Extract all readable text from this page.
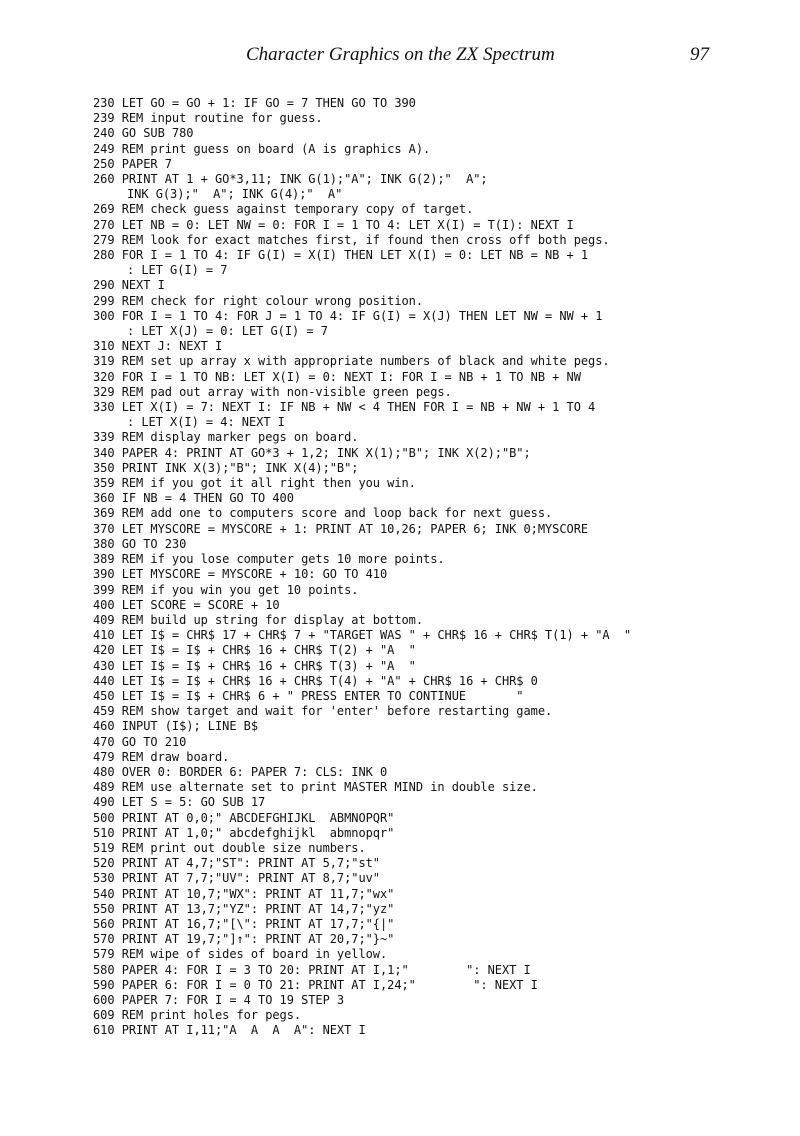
Character Graphics on the ZX Spectrum	97
230 LET GO = GO + 1: IF GO = 7 THEN GO TO 390
239 REM input routine for guess.
240 GO SUB 780
249 REM print guess on board (A is graphics A).
250 PAPER 7
260 PRINT AT 1 + GO*3,11; INK G(1);"A"; INK G(2);"  A";
INK G(3);"  A"; INK G(4);"  A"
269 REM check guess against temporary copy of target.
270 LET NB = 0: LET NW = 0: FOR I = 1 TO 4: LET X(I) = T(I): NEXT I
279 REM look for exact matches first, if found then cross off both pegs.
280 FOR I = 1 TO 4: IF G(I) = X(I) THEN LET X(I) = 0: LET NB = NB + 1
: LET G(I) = 7
290 NEXT I
299 REM check for right colour wrong position.
300 FOR I = 1 TO 4: FOR J = 1 TO 4: IF G(I) = X(J) THEN LET NW = NW + 1
: LET X(J) = 0: LET G(I) = 7
310 NEXT J: NEXT I
319 REM set up array x with appropriate numbers of black and white pegs.
320 FOR I = 1 TO NB: LET X(I) = 0: NEXT I: FOR I = NB + 1 TO NB + NW
329 REM pad out array with non-visible green pegs.
330 LET X(I) = 7: NEXT I: IF NB + NW < 4 THEN FOR I = NB + NW + 1 TO 4
: LET X(I) = 4: NEXT I
339 REM display marker pegs on board.
340 PAPER 4: PRINT AT GO*3 + 1,2; INK X(1);"B"; INK X(2);"B";
350 PRINT INK X(3);"B"; INK X(4);"B";
359 REM if you got it all right then you win.
360 IF NB = 4 THEN GO TO 400
369 REM add one to computers score and loop back for next guess.
370 LET MYSCORE = MYSCORE + 1: PRINT AT 10,26; PAPER 6; INK 0;MYSCORE
380 GO TO 230
389 REM if you lose computer gets 10 more points.
390 LET MYSCORE = MYSCORE + 10: GO TO 410
399 REM if you win you get 10 points.
400 LET SCORE = SCORE + 10
409 REM build up string for display at bottom.
410 LET I$ = CHR$ 17 + CHR$ 7 + "TARGET WAS " + CHR$ 16 + CHR$ T(1) + "A  "
420 LET I$ = I$ + CHR$ 16 + CHR$ T(2) + "A  "
430 LET I$ = I$ + CHR$ 16 + CHR$ T(3) + "A  "
440 LET I$ = I$ + CHR$ 16 + CHR$ T(4) + "A" + CHR$ 16 + CHR$ 0
450 LET I$ = I$ + CHR$ 6 + " PRESS ENTER TO CONTINUE       "
459 REM show target and wait for 'enter' before restarting game.
460 INPUT (I$); LINE B$
470 GO TO 210
479 REM draw board.
480 OVER 0: BORDER 6: PAPER 7: CLS: INK 0
489 REM use alternate set to print MASTER MIND in double size.
490 LET S = 5: GO SUB 17
500 PRINT AT 0,0;" ABCDEFGHIJKL  ABMNOPQR"
510 PRINT AT 1,0;" abcdefghijkl  abmnopqr"
519 REM print out double size numbers.
520 PRINT AT 4,7;"ST": PRINT AT 5,7;"st"
530 PRINT AT 7,7;"UV": PRINT AT 8,7;"uv"
540 PRINT AT 10,7;"WX": PRINT AT 11,7;"wx"
550 PRINT AT 13,7;"YZ": PRINT AT 14,7;"yz"
560 PRINT AT 16,7;"[\": PRINT AT 17,7;"{|"
570 PRINT AT 19,7;"]↑": PRINT AT 20,7;"}~"
579 REM wipe of sides of board in yellow.
580 PAPER 4: FOR I = 3 TO 20: PRINT AT I,1;"        ": NEXT I
590 PAPER 6: FOR I = 0 TO 21: PRINT AT I,24;"        ": NEXT I
600 PAPER 7: FOR I = 4 TO 19 STEP 3
609 REM print holes for pegs.
610 PRINT AT I,11;"A  A  A  A": NEXT I
